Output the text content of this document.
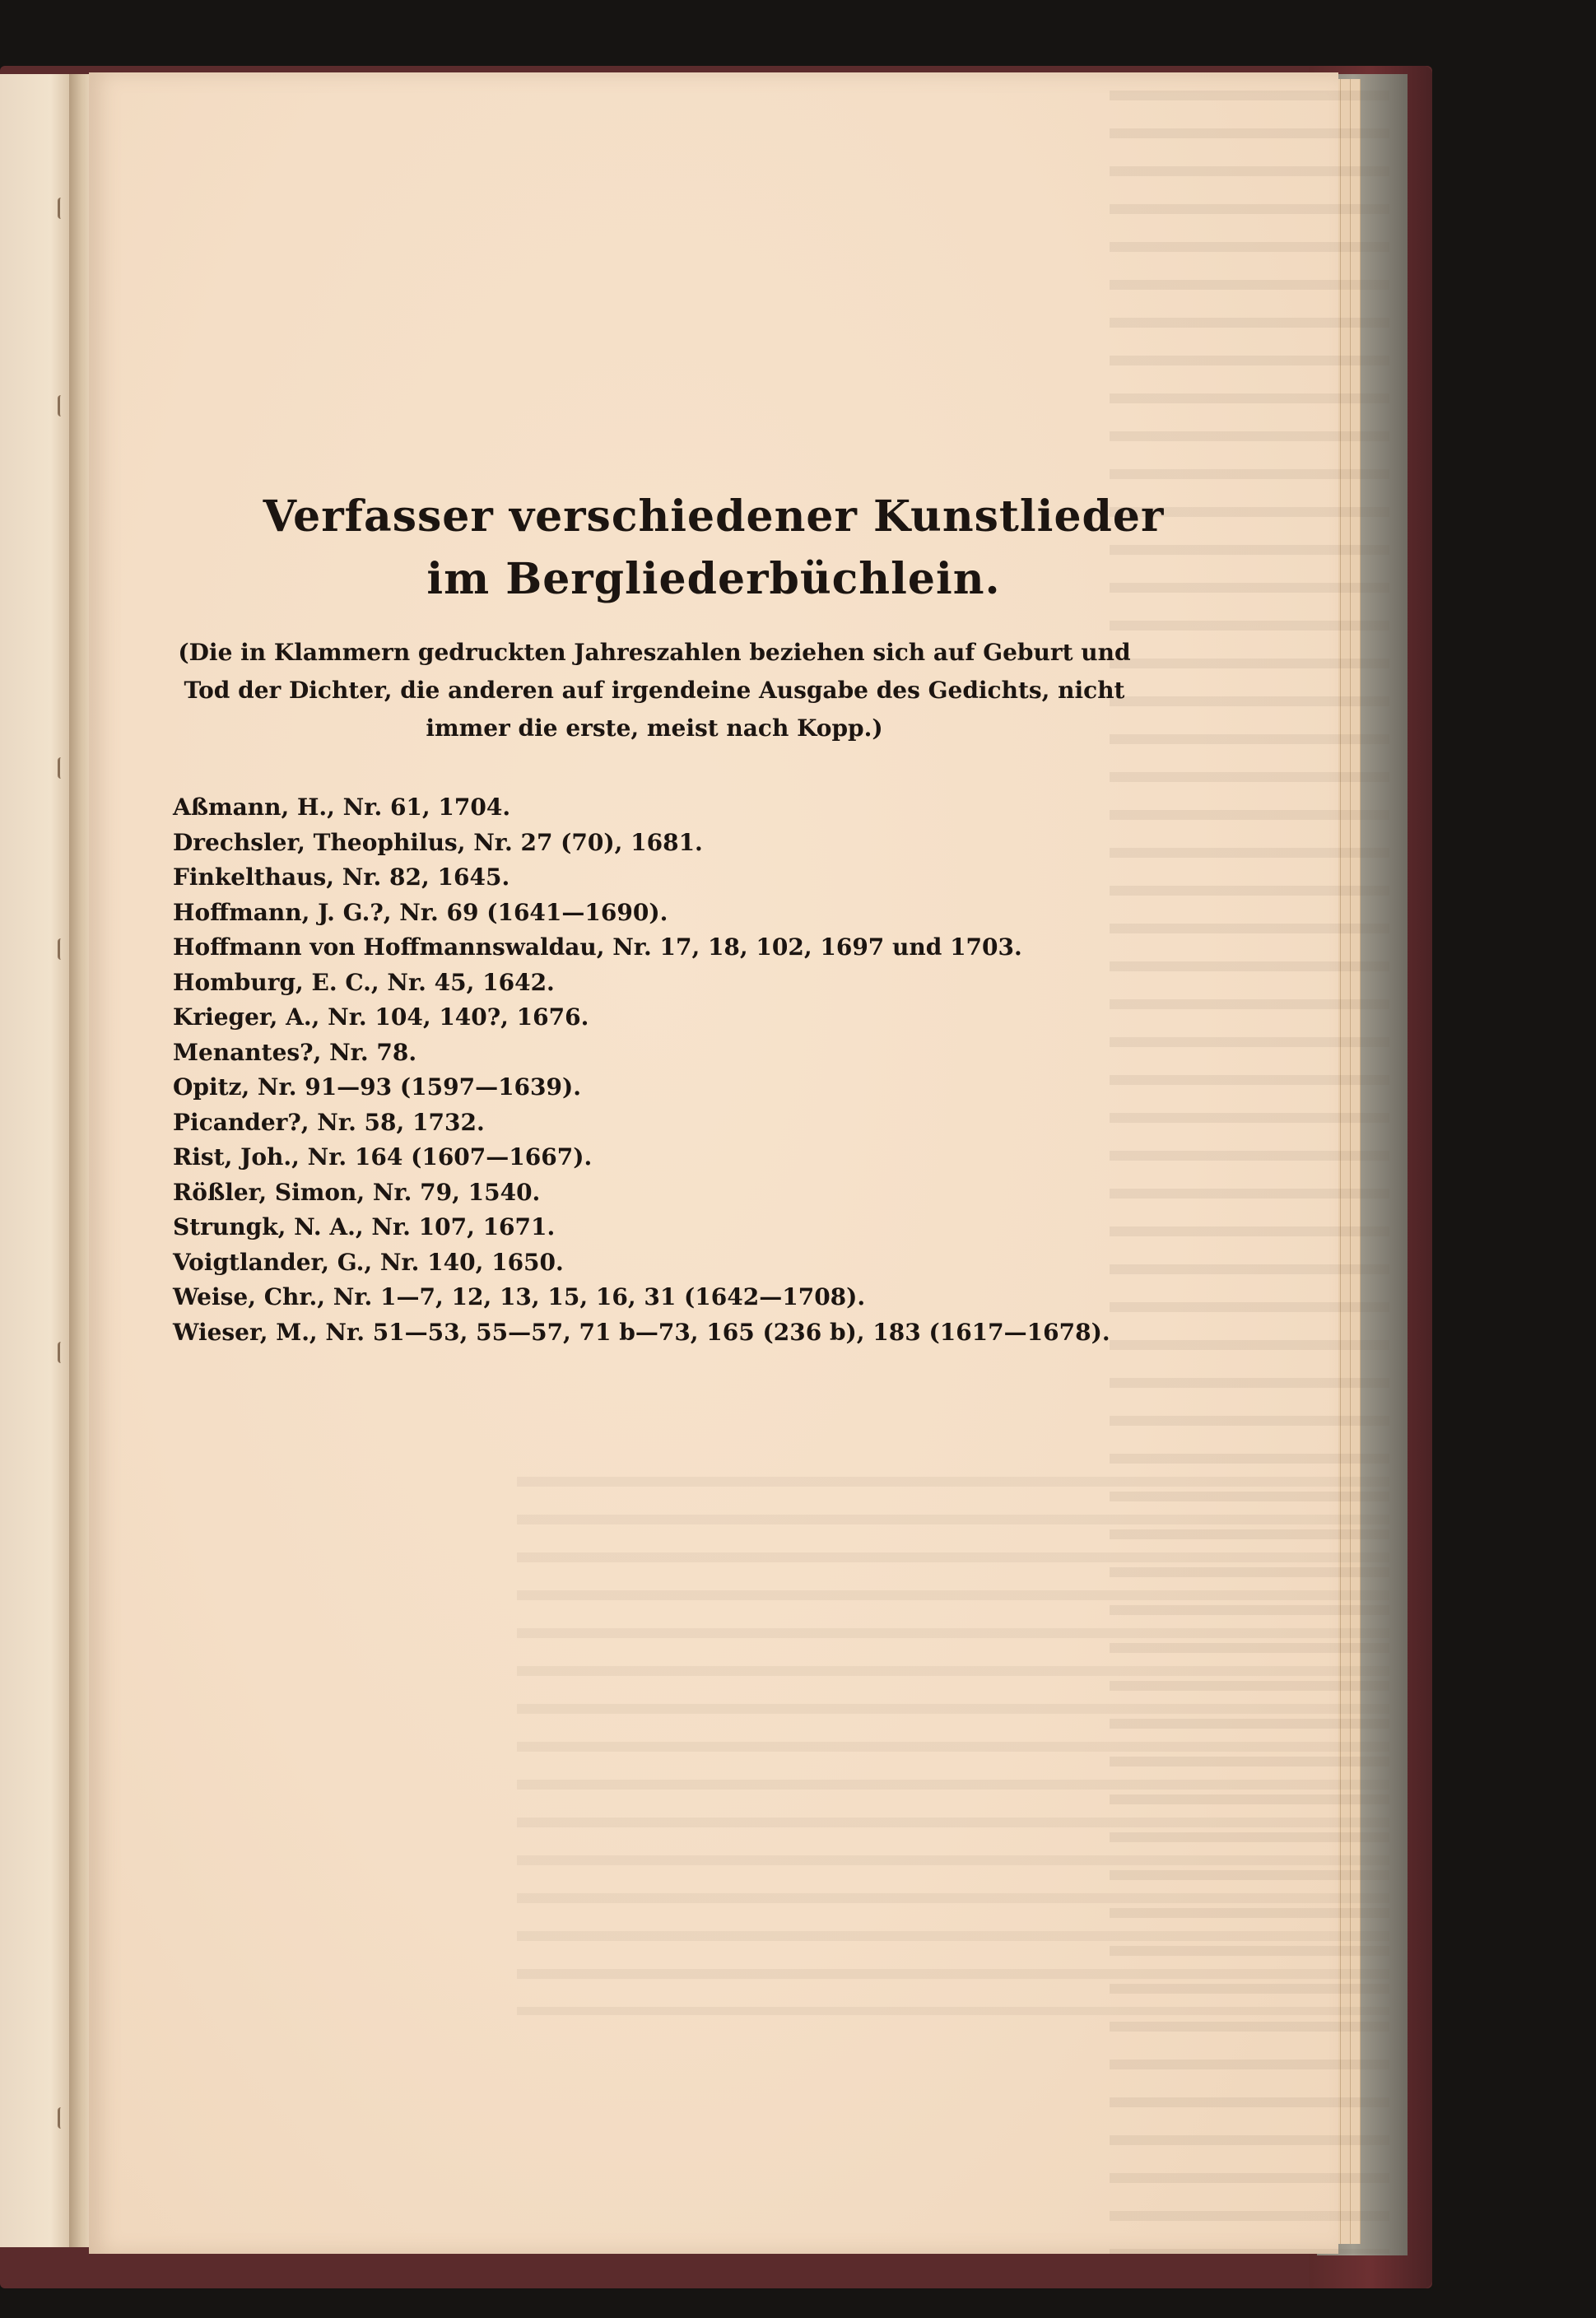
Verfasser verschiedener Kunstlieder
im Bergliederbüchlein.
(Die in Klammern gedruckten Jahreszahlen beziehen sich auf Geburt und Tod der Dichter, die anderen auf irgendeine Ausgabe des Gedichts, nicht immer die erste, meist nach Kopp.)
Aßmann, H., Nr. 61, 1704.
Drechsler, Theophilus, Nr. 27 (70), 1681.
Finkelthaus, Nr. 82, 1645.
Hoffmann, J. G.?, Nr. 69 (1641—1690).
Hoffmann von Hoffmannswaldau, Nr. 17, 18, 102, 1697 und 1703.
Homburg, E. C., Nr. 45, 1642.
Krieger, A., Nr. 104, 140?, 1676.
Menantes?, Nr. 78.
Opitz, Nr. 91—93 (1597—1639).
Picander?, Nr. 58, 1732.
Rist, Joh., Nr. 164 (1607—1667).
Rößler, Simon, Nr. 79, 1540.
Strungk, N. A., Nr. 107, 1671.
Voigtlander, G., Nr. 140, 1650.
Weise, Chr., Nr. 1—7, 12, 13, 15, 16, 31 (1642—1708).
Wieser, M., Nr. 51—53, 55—57, 71 b—73, 165 (236 b), 183 (1617—1678).
